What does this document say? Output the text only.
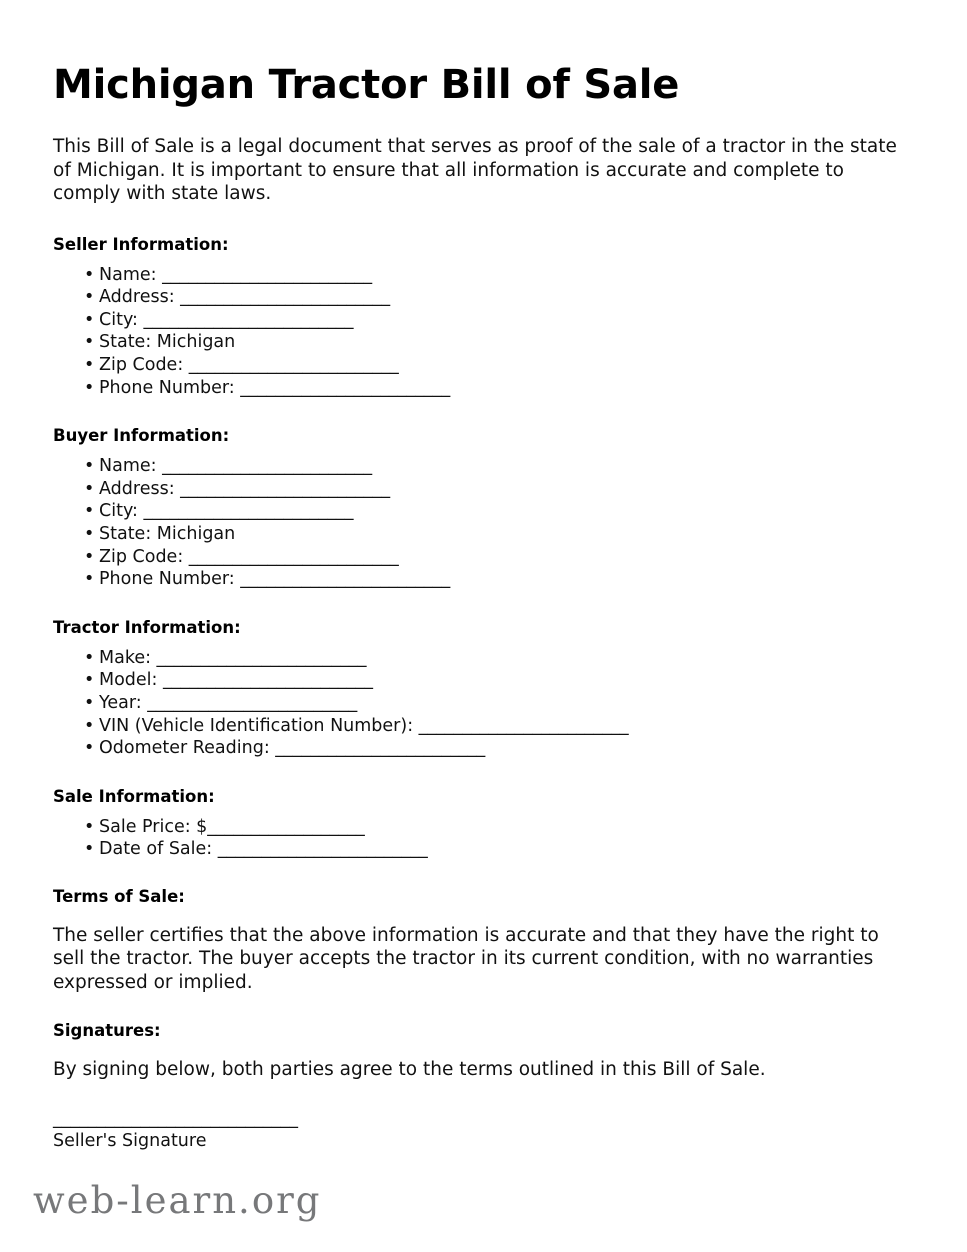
Michigan Tractor Bill of Sale

This Bill of Sale is a legal document that serves as proof of the sale of a tractor in the state of Michigan. It is important to ensure that all information is accurate and complete to comply with state laws.

Seller Information:
• Name: ________________________
• Address: ________________________
• City: ________________________
• State: Michigan
• Zip Code: ________________________
• Phone Number: ________________________
Buyer Information:
• Name: ________________________
• Address: ________________________
• City: ________________________
• State: Michigan
• Zip Code: ________________________
• Phone Number: ________________________
Tractor Information:
• Make: ________________________
• Model: ________________________
• Year: ________________________
• VIN (Vehicle Identification Number): ________________________
• Odometer Reading: ________________________
Sale Information:
• Sale Price: $__________________
• Date of Sale: ________________________
Terms of Sale:

The seller certifies that the above information is accurate and that they have the right to sell the tractor. The buyer accepts the tractor in its current condition, with no warranties expressed or implied.

Signatures:

By signing below, both parties agree to the terms outlined in this Bill of Sale.

____________________________
Seller's Signature
web-learn.org
